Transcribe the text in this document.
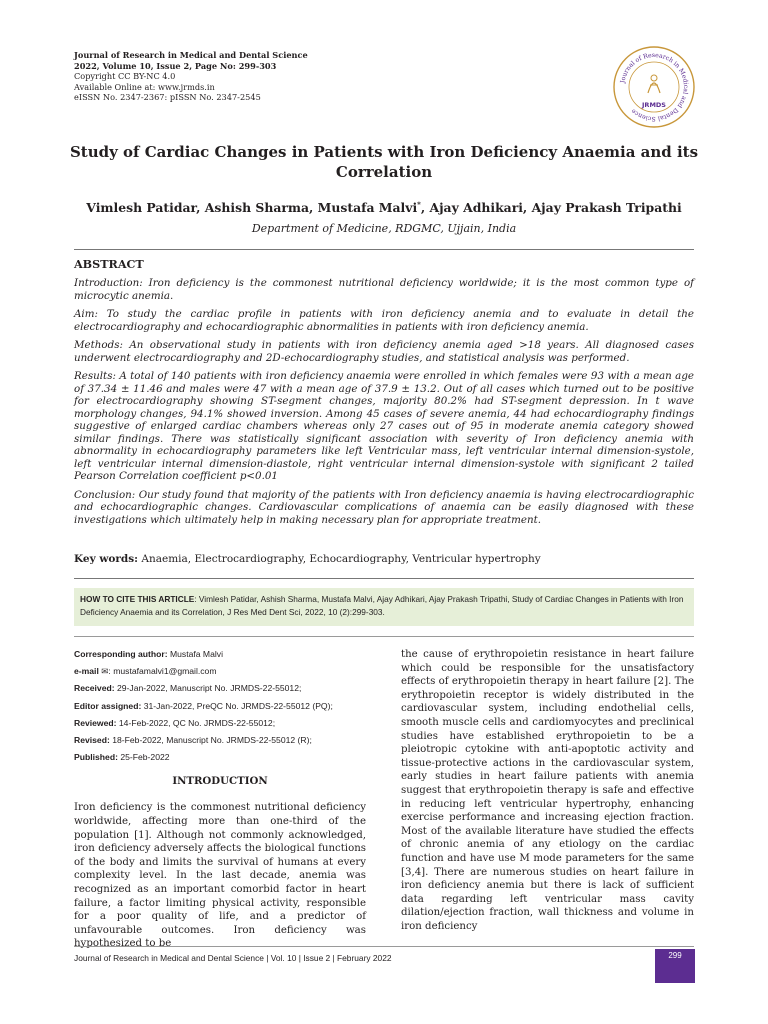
Journal of Research in Medical and Dental Science
2022, Volume 10, Issue 2, Page No: 299-303
Copyright CC BY-NC 4.0
Available Online at: www.jrmds.in
eISSN No. 2347-2367: pISSN No. 2347-2545
Journal of Research in Medical and Dental Science
JRMDS
Study of Cardiac Changes in Patients with Iron Deficiency Anaemia and its Correlation
Vimlesh Patidar, Ashish Sharma, Mustafa Malvi*, Ajay Adhikari, Ajay Prakash Tripathi
Department of Medicine, RDGMC, Ujjain, India
ABSTRACT

Introduction: Iron deficiency is the commonest nutritional deficiency worldwide; it is the most common type of microcytic anemia.

Aim: To study the cardiac profile in patients with iron deficiency anemia and to evaluate in detail the electrocardiography and echocardiographic abnormalities in patients with iron deficiency anemia.

Methods: An observational study in patients with iron deficiency anemia aged >18 years. All diagnosed cases underwent electrocardiography and 2D-echocardiography studies, and statistical analysis was performed.

Results: A total of 140 patients with iron deficiency anaemia were enrolled in which females were 93 with a mean age of 37.34 ± 11.46 and males were 47 with a mean age of 37.9 ± 13.2. Out of all cases which turned out to be positive for electrocardiography showing ST-segment changes, majority 80.2% had ST-segment depression. In t wave morphology changes, 94.1% showed inversion. Among 45 cases of severe anemia, 44 had echocardiography findings suggestive of enlarged cardiac chambers whereas only 27 cases out of 95 in moderate anemia category showed similar findings. There was statistically significant association with severity of Iron deficiency anemia with abnormality in echocardiography parameters like left Ventricular mass, left ventricular internal dimension-systole, left ventricular internal dimension-diastole, right ventricular internal dimension-systole with significant 2 tailed Pearson Correlation coefficient p<0.01

Conclusion: Our study found that majority of the patients with Iron deficiency anaemia is having electrocardiographic and echocardiographic changes. Cardiovascular complications of anaemia can be easily diagnosed with these investigations which ultimately help in making necessary plan for appropriate treatment.

Key words: Anaemia, Electrocardiography, Echocardiography, Ventricular hypertrophy
HOW TO CITE THIS ARTICLE: Vimlesh Patidar, Ashish Sharma, Mustafa Malvi, Ajay Adhikari, Ajay Prakash Tripathi, Study of Cardiac Changes in Patients with Iron Deficiency Anaemia and its Correlation, J Res Med Dent Sci, 2022, 10 (2):299-303.
Corresponding author: Mustafa Malvi
e-mail ✉: mustafamalvi1@gmail.com
Received: 29-Jan-2022, Manuscript No. JRMDS-22-55012;
Editor assigned: 31-Jan-2022, PreQC No. JRMDS-22-55012 (PQ);
Reviewed: 14-Feb-2022, QC No. JRMDS-22-55012;
Revised: 18-Feb-2022, Manuscript No. JRMDS-22-55012 (R);
Published: 25-Feb-2022
INTRODUCTION
Iron deficiency is the commonest nutritional deficiency worldwide, affecting more than one-third of the population [1]. Although not commonly acknowledged, iron deficiency adversely affects the biological functions of the body and limits the survival of humans at every complexity level. In the last decade, anemia was recognized as an important comorbid factor in heart failure, a factor limiting physical activity, responsible for a poor quality of life, and a predictor of unfavourable outcomes. Iron deficiency was hypothesized to be
the cause of erythropoietin resistance in heart failure which could be responsible for the unsatisfactory effects of erythropoietin therapy in heart failure [2]. The erythropoietin receptor is widely distributed in the cardiovascular system, including endothelial cells, smooth muscle cells and cardiomyocytes and preclinical studies have established erythropoietin to be a pleiotropic cytokine with anti-apoptotic activity and tissue-protective actions in the cardiovascular system, early studies in heart failure patients with anemia suggest that erythropoietin therapy is safe and effective in reducing left ventricular hypertrophy, enhancing exercise performance and increasing ejection fraction. Most of the available literature have studied the effects of chronic anemia of any etiology on the cardiac function and have use M mode parameters for the same [3,4]. There are numerous studies on heart failure in iron deficiency anemia but there is lack of sufficient data regarding left ventricular mass cavity dilation/ejection fraction, wall thickness and volume in iron deficiency
Journal of Research in Medical and Dental Science | Vol. 10 | Issue 2 | February 2022	299
